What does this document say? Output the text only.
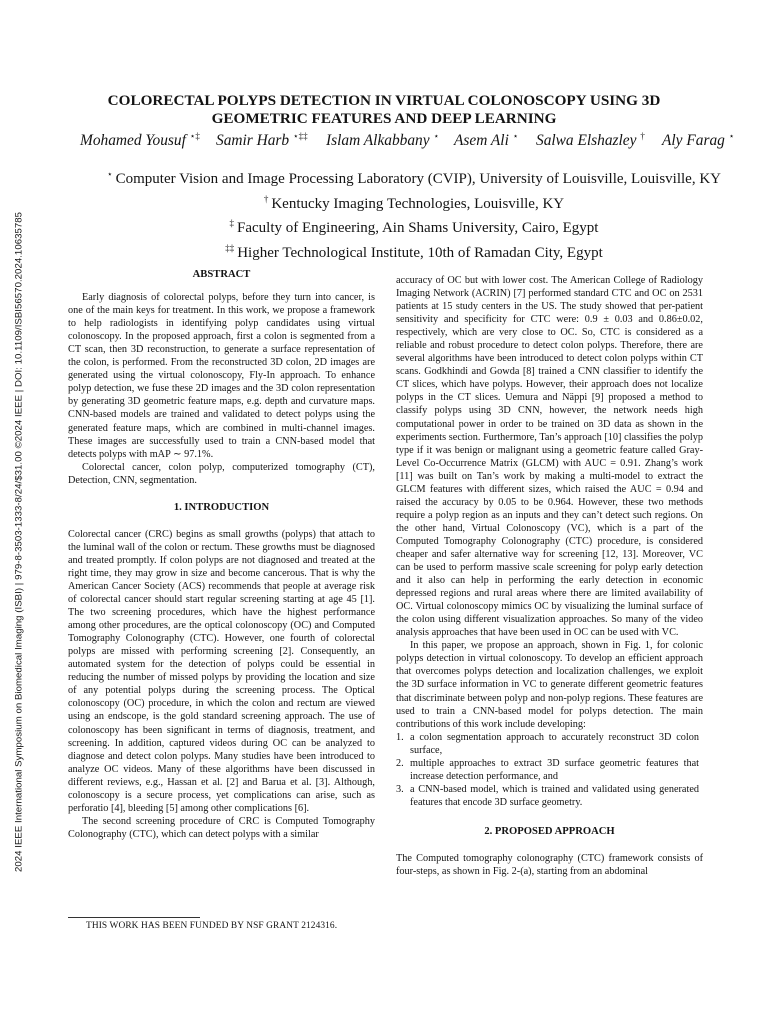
2024 IEEE International Symposium on Biomedical Imaging (ISBI) | 979-8-3503-1333-8/24/$31.00 ©2024 IEEE | DOI: 10.1109/ISBI56570.2024.10635785
COLORECTAL POLYPS DETECTION IN VIRTUAL COLONOSCOPY USING 3D
GEOMETRIC FEATURES AND DEEP LEARNING
Mohamed Yousuf ⋆‡ Samir Harb ⋆‡‡ Islam Alkabbany ⋆ Asem Ali ⋆ Salwa Elshazley † Aly Farag ⋆
⋆ Computer Vision and Image Processing Laboratory (CVIP), University of Louisville, Louisville, KY
† Kentucky Imaging Technologies, Louisville, KY
‡ Faculty of Engineering, Ain Shams University, Cairo, Egypt
‡‡ Higher Technological Institute, 10th of Ramadan City, Egypt
ABSTRACT

Early diagnosis of colorectal polyps, before they turn into cancer, is one of the main keys for treatment. In this work, we propose a framework to help radiologists in identifying polyp candidates using virtual colonoscopy. In the proposed approach, first a colon is segmented from a CT scan, then 3D reconstruction, to generate a surface representation of the colon, is performed. From the reconstructed 3D colon, 2D images are generated using the virtual colonoscopy, Fly-In approach. To enhance polyp detection, we fuse these 2D images and the 3D colon representation by generating 3D geometric feature maps, e.g. depth and curvature maps. CNN-based models are trained and validated to detect polyps using the generated feature maps, which are combined in multi-channel images. These images are successfully used to train a CNN-based model that detects polyps with mAP ∼ 97.1%.

Colorectal cancer, colon polyp, computerized tomography (CT), Detection, CNN, segmentation.

1. INTRODUCTION

Colorectal cancer (CRC) begins as small growths (polyps) that attach to the luminal wall of the colon or rectum. These growths must be diagnosed and treated promptly. If colon polyps are not diagnosed and treated at the right time, they may grow in size and become cancerous. That is why the American Cancer Society (ACS) recommends that people at average risk of colorectal cancer should start regular screening starting at age 45 [1]. The two screening procedures, which have the highest performance among other procedures, are the optical colonoscopy (OC) and Computed Tomography Colonography (CTC). However, one fourth of colorectal polyps are missed with performing screening [2]. Consequently, an automated system for the detection of polyps could be essential in reducing the number of missed polyps by providing the location and size of any potential polyps during the screening process. The Optical colonoscopy (OC) procedure, in which the colon and rectum are viewed using an endscope, is the gold standard screening approach. The use of colonoscopy has been significant in terms of diagnosis, treatment, and screening. In addition, captured videos during OC can be analyzed to diagnose and detect colon polyps. Many studies have been introduced to analyze OC videos. Many of these algorithms have been discussed in different reviews, e.g., Hassan et al. [2] and Barua et al. [3]. Although, colonoscopy is a secure process, yet complications can arise, such as perforatio [4], bleeding [5] among other complications [6].

The second screening procedure of CRC is Computed Tomography Colonography (CTC), which can detect polyps with a similar

accuracy of OC but with lower cost. The American College of Radiology Imaging Network (ACRIN) [7] performed standard CTC and OC on 2531 patients at 15 study centers in the US. The study showed that per-patient sensitivity and specificity for CTC were: 0.9 ± 0.03 and 0.86±0.02, respectively, which are very close to OC. So, CTC is considered as a reliable and robust procedure to detect colon polyps. Therefore, there are several algorithms have been introduced to detect colon polyps within CT scans. Godkhindi and Gowda [8] trained a CNN classifier to identify the CT slices, which have polyps. However, their approach does not localize polyps in the CT slices. Uemura and Näppi [9] proposed a method to classify polyps using 3D CNN, however, the network needs high computational power in order to be trained on 3D data as shown in the experiments section. Furthermore, Tan’s approach [10] classifies the polyp type if it was benign or malignant using a geometric feature called Gray-Level Co-Occurrence Matrix (GLCM) with AUC = 0.91. Zhang’s work [11] was built on Tan’s work by making a multi-model to extract the GLCM features with different sizes, which raised the AUC = 0.94 and raised the accuracy by 0.05 to be 0.964. However, these two methods require a polyp region as an inputs and they can’t detect such regions. On the other hand, Virtual Colonoscopy (VC), which is a part of the Computed Tomography Colonography (CTC) procedure, is considered cheaper and safer alternative way for screening [12, 13]. Moreover, VC can be used to perform massive scale screening for polyp early detection and it also can help in performing the early detection in economic depressed regions and rural areas where there are limited availability of OC. Virtual colonoscopy mimics OC by visualizing the luminal surface of the colon using different visualization approaches. So many of the video analysis approaches that have been used in OC can be used with VC.

In this paper, we propose an approach, shown in Fig. 1, for colonic polyps detection in virtual colonoscopy. To develop an efficient approach that overcomes polyps detection and localization challenges, we exploit the 3D surface information in VC to generate different geometric features that discriminate between polyp and non-polyp regions. These features are used to train a CNN-based model for polyps detection. The main contributions of this work include developing:

1. a colon segmentation approach to accurately reconstruct 3D colon surface,
2. multiple approaches to extract 3D surface geometric features that increase detection performance, and
3. a CNN-based model, which is trained and validated using generated features that encode 3D surface geometry.
2. PROPOSED APPROACH

The Computed tomography colonography (CTC) framework consists of four-steps, as shown in Fig. 2-(a), starting from an abdominal

THIS WORK HAS BEEN FUNDED BY NSF GRANT 2124316.
